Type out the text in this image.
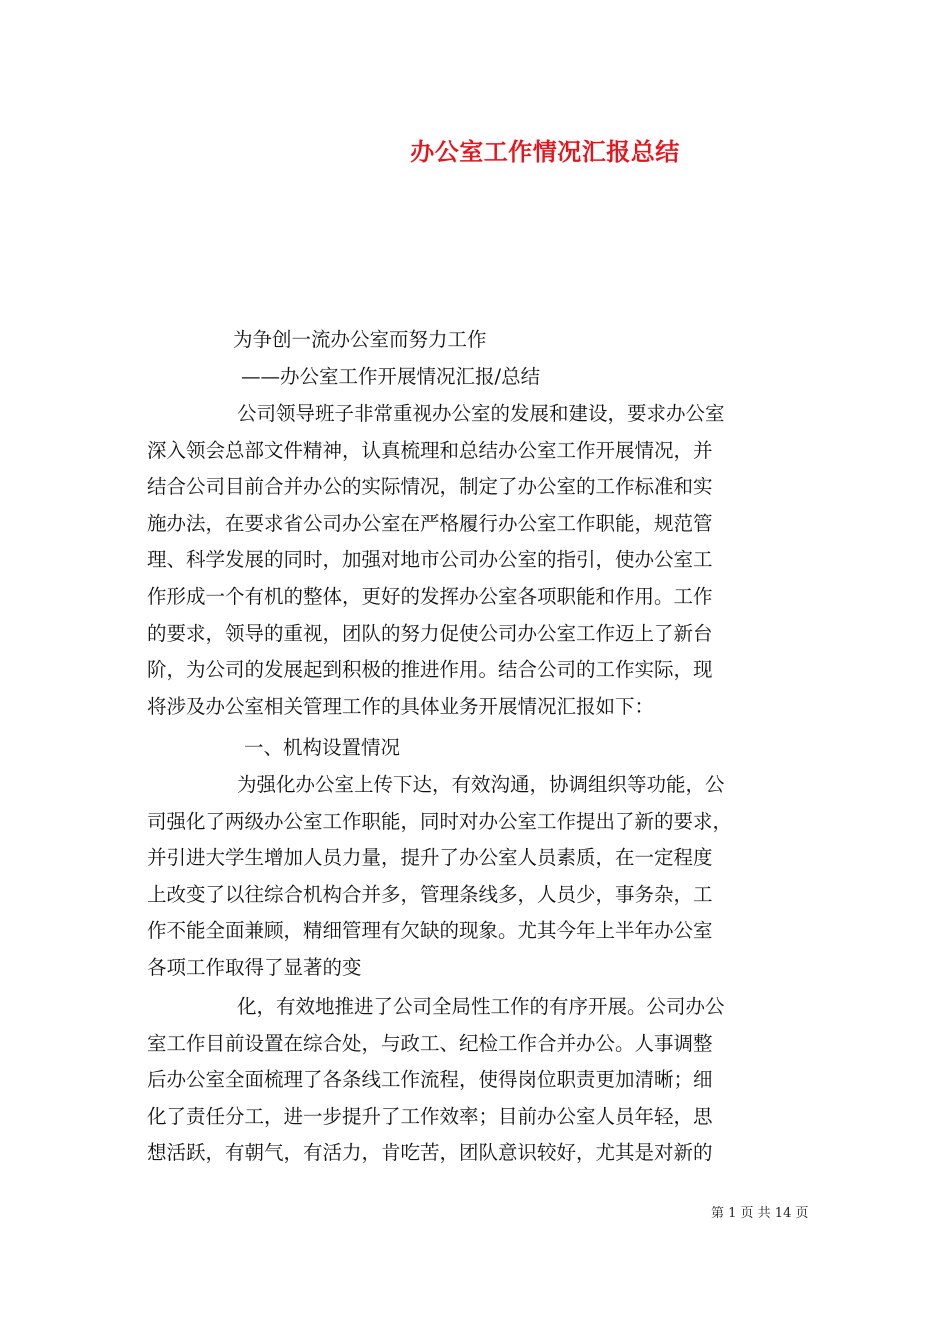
办公室工作情况汇报总结
为争创一流办公室而努力工作
——办公室工作开展情况汇报/总结
公司领导班子非常重视办公室的发展和建设，要求办公室
深入领会总部文件精神，认真梳理和总结办公室工作开展情况，并
结合公司目前合并办公的实际情况，制定了办公室的工作标准和实
施办法，在要求省公司办公室在严格履行办公室工作职能，规范管
理、科学发展的同时，加强对地市公司办公室的指引，使办公室工
作形成一个有机的整体，更好的发挥办公室各项职能和作用。工作
的要求，领导的重视，团队的努力促使公司办公室工作迈上了新台
阶，为公司的发展起到积极的推进作用。结合公司的工作实际，现
将涉及办公室相关管理工作的具体业务开展情况汇报如下：
一、机构设置情况
为强化办公室上传下达，有效沟通，协调组织等功能，公
司强化了两级办公室工作职能，同时对办公室工作提出了新的要求，
并引进大学生增加人员力量，提升了办公室人员素质，在一定程度
上改变了以往综合机构合并多，管理条线多，人员少，事务杂，工
作不能全面兼顾，精细管理有欠缺的现象。尤其今年上半年办公室
各项工作取得了显著的变
化，有效地推进了公司全局性工作的有序开展。公司办公
室工作目前设置在综合处，与政工、纪检工作合并办公。人事调整
后办公室全面梳理了各条线工作流程，使得岗位职责更加清晰；细
化了责任分工，进一步提升了工作效率；目前办公室人员年轻，思
想活跃，有朝气，有活力，肯吃苦，团队意识较好，尤其是对新的
第 1 页 共 14 页
